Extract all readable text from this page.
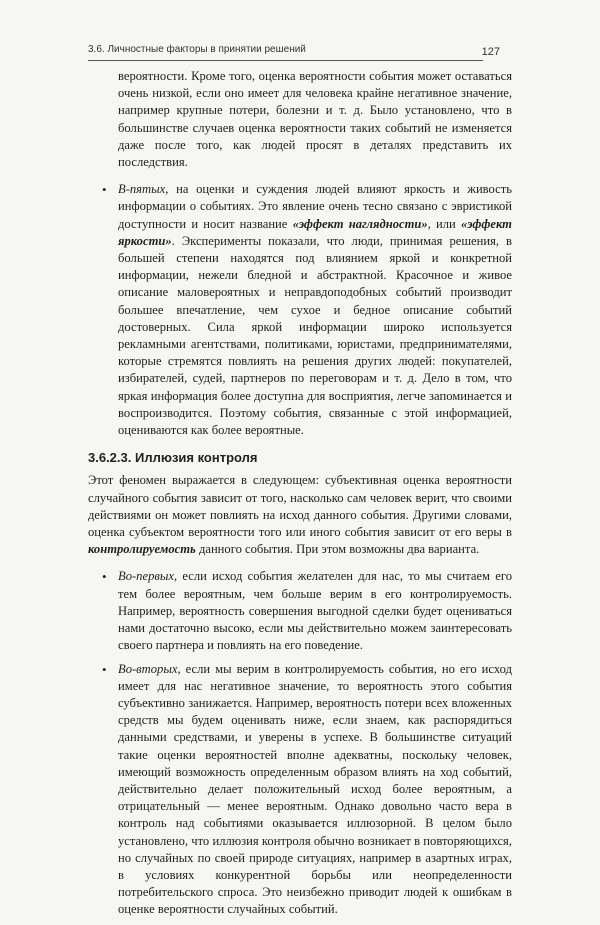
3.6. Личностные факторы в принятии решений	127

вероятности. Кроме того, оценка вероятности события может оставаться очень низкой, если оно имеет для человека крайне негативное значение, например крупные потери, болезни и т. д. Было установлено, что в большинстве случаев оценка вероятности таких событий не изменяется даже после того, как людей просят в деталях представить их последствия.

• В-пятых, на оценки и суждения людей влияют яркость и живость информации о событиях. Это явление очень тесно связано с эвристикой доступности и носит название «эффект наглядности», или «эффект яркости». Эксперименты показали, что люди, принимая решения, в большей степени находятся под влиянием яркой и конкретной информации, нежели бледной и абстрактной. Красочное и живое описание маловероятных и неправдоподобных событий производит большее впечатление, чем сухое и бедное описание событий достоверных. Сила яркой информации широко используется рекламными агентствами, политиками, юристами, предпринимателями, которые стремятся повлиять на решения других людей: покупателей, избирателей, судей, партнеров по переговорам и т. д. Дело в том, что яркая информация более доступна для восприятия, легче запоминается и воспроизводится. Поэтому события, связанные с этой информацией, оцениваются как более вероятные.
3.6.2.3. Иллюзия контроля

Этот феномен выражается в следующем: субъективная оценка вероятности случайного события зависит от того, насколько сам человек верит, что своими действиями он может повлиять на исход данного события. Другими словами, оценка субъектом вероятности того или иного события зависит от его веры в контролируемость данного события. При этом возможны два варианта.

• Во-первых, если исход события желателен для нас, то мы считаем его тем более вероятным, чем больше верим в его контролируемость. Например, вероятность совершения выгодной сделки будет оцениваться нами достаточно высоко, если мы действительно можем заинтересовать своего партнера и повлиять на его поведение.
• Во-вторых, если мы верим в контролируемость события, но его исход имеет для нас негативное значение, то вероятность этого события субъективно занижается. Например, вероятность потери всех вложенных средств мы будем оценивать ниже, если знаем, как распорядиться данными средствами, и уверены в успехе. В большинстве ситуаций такие оценки вероятностей вполне адекватны, поскольку человек, имеющий возможность определенным образом влиять на ход событий, действительно делает положительный исход более вероятным, а отрицательный — менее вероятным. Однако довольно часто вера в контроль над событиями оказывается иллюзорной. В целом было установлено, что иллюзия контроля обычно возникает в повторяющихся, но случайных по своей природе ситуациях, например в азартных играх, в условиях конкурентной борьбы или неопределенности потребительского спроса. Это неизбежно приводит людей к ошибкам в оценке вероятности случайных событий.
